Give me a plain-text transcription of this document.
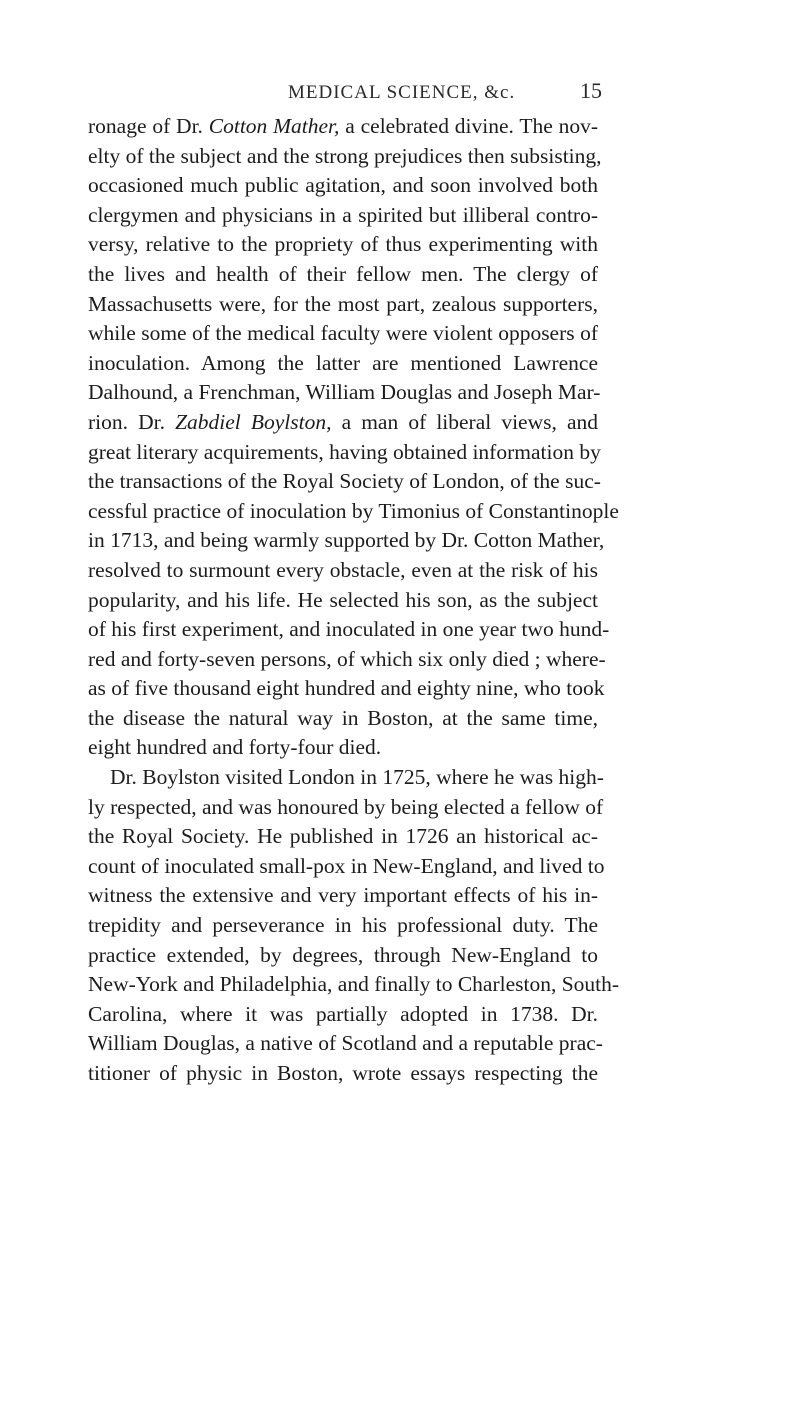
MEDICAL SCIENCE, &c.	15
ronage of Dr. Cotton Mather, a celebrated divine. The nov-
elty of the subject and the strong prejudices then subsisting,
occasioned much public agitation, and soon involved both
clergymen and physicians in a spirited but illiberal contro-
versy, relative to the propriety of thus experimenting with
the lives and health of their fellow men. The clergy of
Massachusetts were, for the most part, zealous supporters,
while some of the medical faculty were violent opposers of
inoculation. Among the latter are mentioned Lawrence
Dalhound, a Frenchman, William Douglas and Joseph Mar-
rion. Dr. Zabdiel Boylston, a man of liberal views, and
great literary acquirements, having obtained information by
the transactions of the Royal Society of London, of the suc-
cessful practice of inoculation by Timonius of Constantinople
in 1713, and being warmly supported by Dr. Cotton Mather,
resolved to surmount every obstacle, even at the risk of his
popularity, and his life. He selected his son, as the subject
of his first experiment, and inoculated in one year two hund-
red and forty-seven persons, of which six only died ; where-
as of five thousand eight hundred and eighty nine, who took
the disease the natural way in Boston, at the same time,
eight hundred and forty-four died.
Dr. Boylston visited London in 1725, where he was high-
ly respected, and was honoured by being elected a fellow of
the Royal Society. He published in 1726 an historical ac-
count of inoculated small-pox in New-England, and lived to
witness the extensive and very important effects of his in-
trepidity and perseverance in his professional duty. The
practice extended, by degrees, through New-England to
New-York and Philadelphia, and finally to Charleston, South-
Carolina, where it was partially adopted in 1738. Dr.
William Douglas, a native of Scotland and a reputable prac-
titioner of physic in Boston, wrote essays respecting the
